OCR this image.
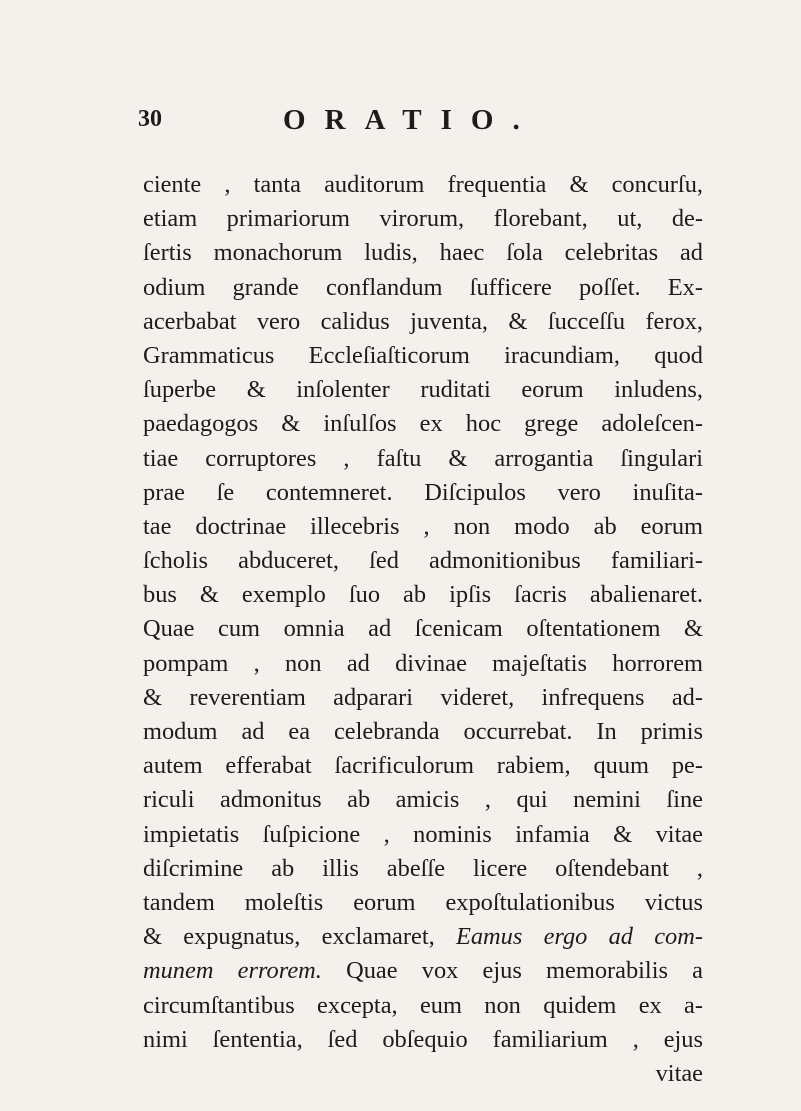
30	ORATIO.
ciente , tanta auditorum frequentia & concurſu,
etiam primariorum virorum, florebant, ut, de-
ſertis monachorum ludis, haec ſola celebritas ad
odium grande conflandum ſufficere poſſet. Ex-
acerbabat vero calidus juventa, & ſucceſſu ferox,
Grammaticus Eccleſiaſticorum iracundiam, quod
ſuperbe & inſolenter ruditati eorum inludens,
paedagogos & inſulſos ex hoc grege adoleſcen-
tiae corruptores , faſtu & arrogantia ſingulari
prae ſe contemneret. Diſcipulos vero inuſita-
tae doctrinae illecebris , non modo ab eorum
ſcholis abduceret, ſed admonitionibus familiari-
bus & exemplo ſuo ab ipſis ſacris abalienaret.
Quae cum omnia ad ſcenicam oſtentationem &
pompam , non ad divinae majeſtatis horrorem
& reverentiam adparari videret, infrequens ad-
modum ad ea celebranda occurrebat. In primis
autem efferabat ſacrificulorum rabiem, quum pe-
riculi admonitus ab amicis , qui nemini ſine
impietatis ſuſpicione , nominis infamia & vitae
diſcrimine ab illis abeſſe licere oſtendebant ,
tandem moleſtis eorum expoſtulationibus victus
& expugnatus, exclamaret, Eamus ergo ad com-
munem errorem. Quae vox ejus memorabilis a
circumſtantibus excepta, eum non quidem ex a-
nimi ſententia, ſed obſequio familiarium , ejus
vitae
